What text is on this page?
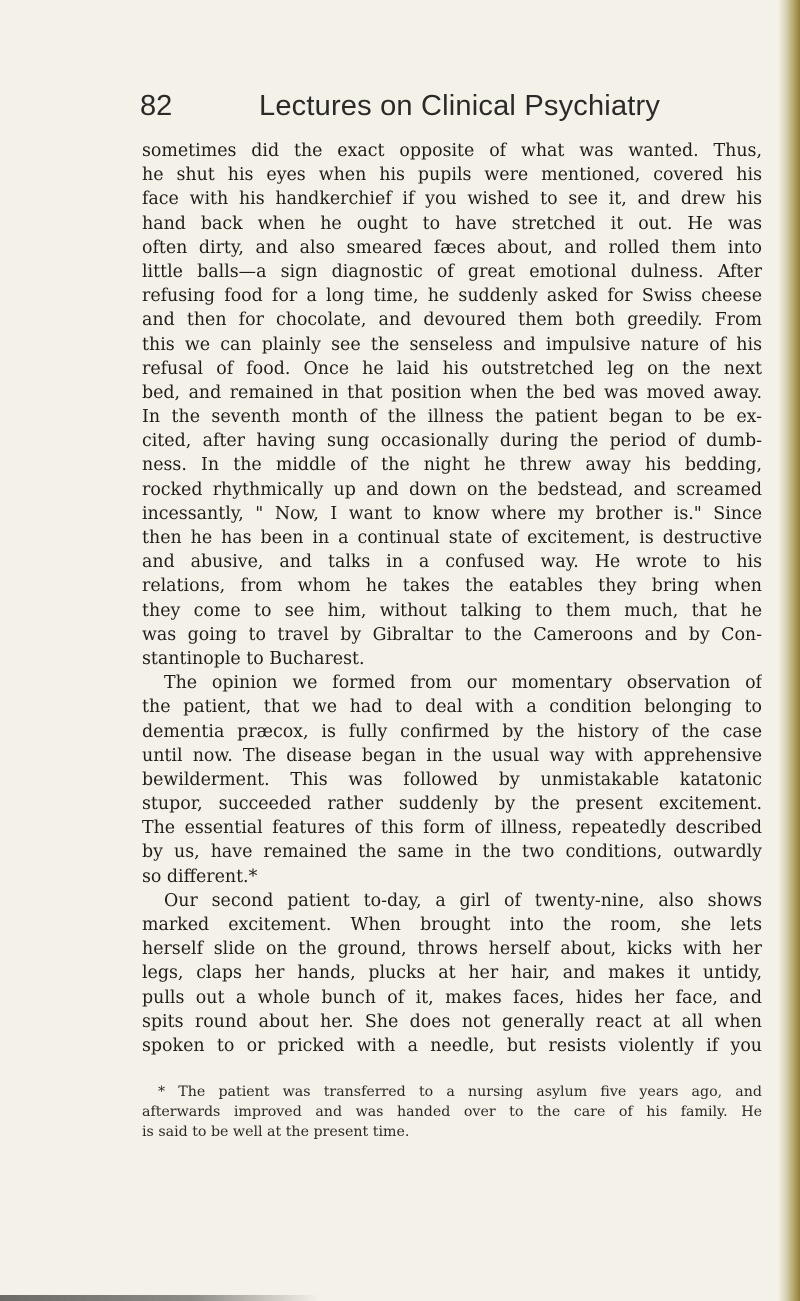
82	Lectures on Clinical Psychiatry
sometimes did the exact opposite of what was wanted. Thus,
he shut his eyes when his pupils were mentioned, covered his
face with his handkerchief if you wished to see it, and drew his
hand back when he ought to have stretched it out. He was
often dirty, and also smeared fæces about, and rolled them into
little balls—a sign diagnostic of great emotional dulness. After
refusing food for a long time, he suddenly asked for Swiss cheese
and then for chocolate, and devoured them both greedily. From
this we can plainly see the senseless and impulsive nature of his
refusal of food. Once he laid his outstretched leg on the next
bed, and remained in that position when the bed was moved away.
In the seventh month of the illness the patient began to be ex-
cited, after having sung occasionally during the period of dumb-
ness. In the middle of the night he threw away his bedding,
rocked rhythmically up and down on the bedstead, and screamed
incessantly, " Now, I want to know where my brother is." Since
then he has been in a continual state of excitement, is destructive
and abusive, and talks in a confused way. He wrote to his
relations, from whom he takes the eatables they bring when
they come to see him, without talking to them much, that he
was going to travel by Gibraltar to the Cameroons and by Con-
stantinople to Bucharest.
The opinion we formed from our momentary observation of
the patient, that we had to deal with a condition belonging to
dementia præcox, is fully confirmed by the history of the case
until now. The disease began in the usual way with apprehensive
bewilderment. This was followed by unmistakable katatonic
stupor, succeeded rather suddenly by the present excitement.
The essential features of this form of illness, repeatedly described
by us, have remained the same in the two conditions, outwardly
so different.*
Our second patient to-day, a girl of twenty-nine, also shows
marked excitement. When brought into the room, she lets
herself slide on the ground, throws herself about, kicks with her
legs, claps her hands, plucks at her hair, and makes it untidy,
pulls out a whole bunch of it, makes faces, hides her face, and
spits round about her. She does not generally react at all when
spoken to or pricked with a needle, but resists violently if you
* The patient was transferred to a nursing asylum five years ago, and
afterwards improved and was handed over to the care of his family. He
is said to be well at the present time.
